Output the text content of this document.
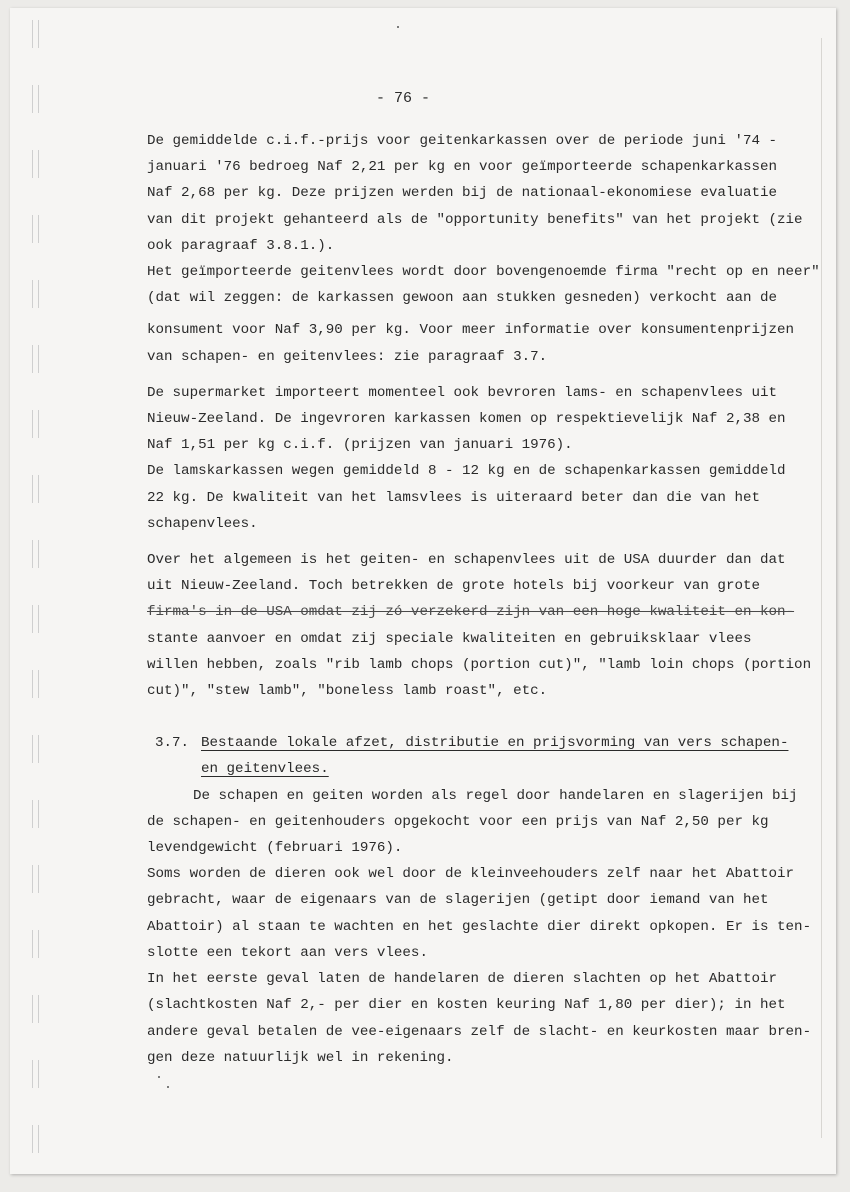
- 76 -

De gemiddelde c.i.f.-prijs voor geitenkarkassen over de periode juni '74 -

januari '76 bedroeg Naf 2,21 per kg en voor geïmporteerde schapenkarkassen

Naf 2,68 per kg. Deze prijzen werden bij de nationaal-ekonomiese evaluatie

van dit projekt gehanteerd als de "opportunity benefits" van het projekt (zie

ook paragraaf 3.8.1.).

Het geïmporteerde geitenvlees wordt door bovengenoemde firma "recht op en neer"

(dat wil zeggen: de karkassen gewoon aan stukken gesneden) verkocht aan de

konsument voor Naf 3,90 per kg. Voor meer informatie over konsumentenprijzen

van schapen- en geitenvlees: zie paragraaf 3.7.

De supermarket importeert momenteel ook bevroren lams- en schapenvlees uit

Nieuw-Zeeland. De ingevroren karkassen komen op respektievelijk Naf 2,38 en

Naf 1,51 per kg c.i.f. (prijzen van januari 1976).

De lamskarkassen wegen gemiddeld 8 - 12 kg en de schapenkarkassen gemiddeld

22 kg. De kwaliteit van het lamsvlees is uiteraard beter dan die van het

schapenvlees.

Over het algemeen is het geiten- en schapenvlees uit de USA duurder dan dat

uit Nieuw-Zeeland. Toch betrekken de grote hotels bij voorkeur van grote

firma's in de USA omdat zij zó verzekerd zijn van een hoge kwaliteit en kon-

stante aanvoer en omdat zij speciale kwaliteiten en gebruiksklaar vlees

willen hebben, zoals "rib lamb chops (portion cut)", "lamb loin chops (portion

cut)", "stew lamb", "boneless lamb roast", etc.

3.7. Bestaande lokale afzet, distributie en prijsvorming van vers schapen-

en geitenvlees.

De schapen en geiten worden als regel door handelaren en slagerijen bij

de schapen- en geitenhouders opgekocht voor een prijs van Naf 2,50 per kg

levendgewicht (februari 1976).

Soms worden de dieren ook wel door de kleinveehouders zelf naar het Abattoir

gebracht, waar de eigenaars van de slagerijen (getipt door iemand van het

Abattoir) al staan te wachten en het geslachte dier direkt opkopen. Er is ten-

slotte een tekort aan vers vlees.

In het eerste geval laten de handelaren de dieren slachten op het Abattoir

(slachtkosten Naf 2,- per dier en kosten keuring Naf 1,80 per dier); in het

andere geval betalen de vee-eigenaars zelf de slacht- en keurkosten maar bren-

gen deze natuurlijk wel in rekening.
